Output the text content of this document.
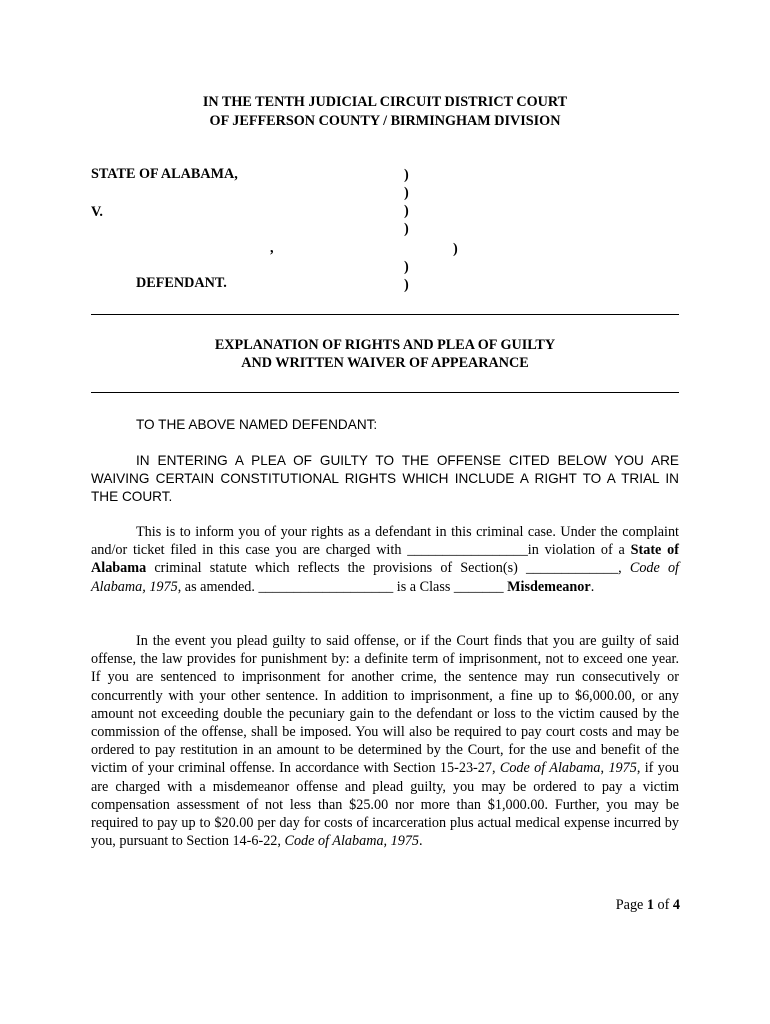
IN THE TENTH JUDICIAL CIRCUIT DISTRICT COURT
OF JEFFERSON COUNTY / BIRMINGHAM DIVISION
STATE OF ALABAMA,
V.
,
DEFENDANT.
)
)
)
)
)
)
)
EXPLANATION OF RIGHTS AND PLEA OF GUILTY
AND WRITTEN WAIVER OF APPEARANCE
TO THE ABOVE NAMED DEFENDANT:
IN ENTERING A PLEA OF GUILTY TO THE OFFENSE CITED BELOW YOU ARE WAIVING CERTAIN CONSTITUTIONAL RIGHTS WHICH INCLUDE A RIGHT TO A TRIAL IN THE COURT.
This is to inform you of your rights as a defendant in this criminal case. Under the complaint and/or ticket filed in this case you are charged with _________________in violation of a State of Alabama criminal statute which reflects the provisions of Section(s) _____________, Code of Alabama, 1975, as amended. ___________________ is a Class _______ Misdemeanor.
In the event you plead guilty to said offense, or if the Court finds that you are guilty of said offense, the law provides for punishment by: a definite term of imprisonment, not to exceed one year. If you are sentenced to imprisonment for another crime, the sentence may run consecutively or concurrently with your other sentence. In addition to imprisonment, a fine up to $6,000.00, or any amount not exceeding double the pecuniary gain to the defendant or loss to the victim caused by the commission of the offense, shall be imposed. You will also be required to pay court costs and may be ordered to pay restitution in an amount to be determined by the Court, for the use and benefit of the victim of your criminal offense. In accordance with Section 15-23-27, Code of Alabama, 1975, if you are charged with a misdemeanor offense and plead guilty, you may be ordered to pay a victim compensation assessment of not less than $25.00 nor more than $1,000.00. Further, you may be required to pay up to $20.00 per day for costs of incarceration plus actual medical expense incurred by you, pursuant to Section 14-6-22, Code of Alabama, 1975.
Page 1 of 4
